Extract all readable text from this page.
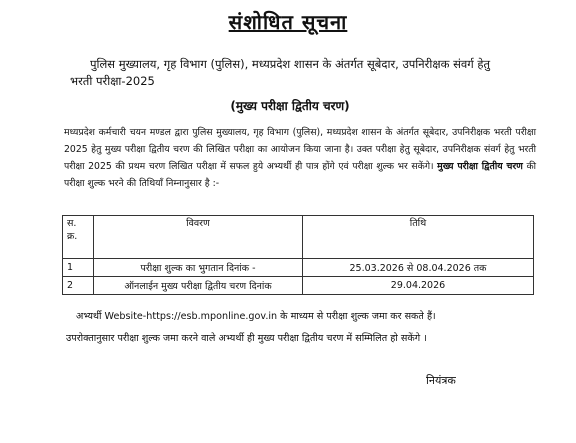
संशोधित सूचना
पुलिस मुख्यालय, गृह विभाग (पुलिस), मध्यप्रदेश शासन के अंतर्गत सूबेदार, उपनिरीक्षक संवर्ग हेतु
भरती परीक्षा-2025
(मुख्य परीक्षा द्वितीय चरण)
मध्यप्रदेश कर्मचारी चयन मण्डल द्वारा पुलिस मुख्यालय, गृह विभाग (पुलिस), मध्यप्रदेश शासन के अंतर्गत सूबेदार, उपनिरीक्षक भरती परीक्षा 2025 हेतु मुख्य परीक्षा द्वितीय चरण की लिखित परीक्षा का आयोजन किया जाना है। उक्त परीक्षा हेतु सूबेदार, उपनिरीक्षक संवर्ग हेतु भरती परीक्षा 2025 की प्रथम चरण लिखित परीक्षा में सफल हुये अभ्यर्थी ही पात्र होंगे एवं परीक्षा शुल्क भर सकेंगे। मुख्य परीक्षा द्वितीय चरण की परीक्षा शुल्क भरने की तिथियाँ निम्नानुसार है :-
स. क्र.	विवरण	तिथि
1	परीक्षा शुल्क का भुगतान दिनांक -	25.03.2026 से 08.04.2026 तक
2	ऑनलाईन मुख्य परीक्षा द्वितीय चरण दिनांक	29.04.2026
अभ्यर्थी Website-https://esb.mponline.gov.in के माध्यम से परीक्षा शुल्क जमा कर सकते हैं।
उपरोक्तानुसार परीक्षा शुल्क जमा करने वाले अभ्यर्थी ही मुख्य परीक्षा द्वितीय चरण में सम्मिलित हो सकेंगे ।
नियंत्रक
